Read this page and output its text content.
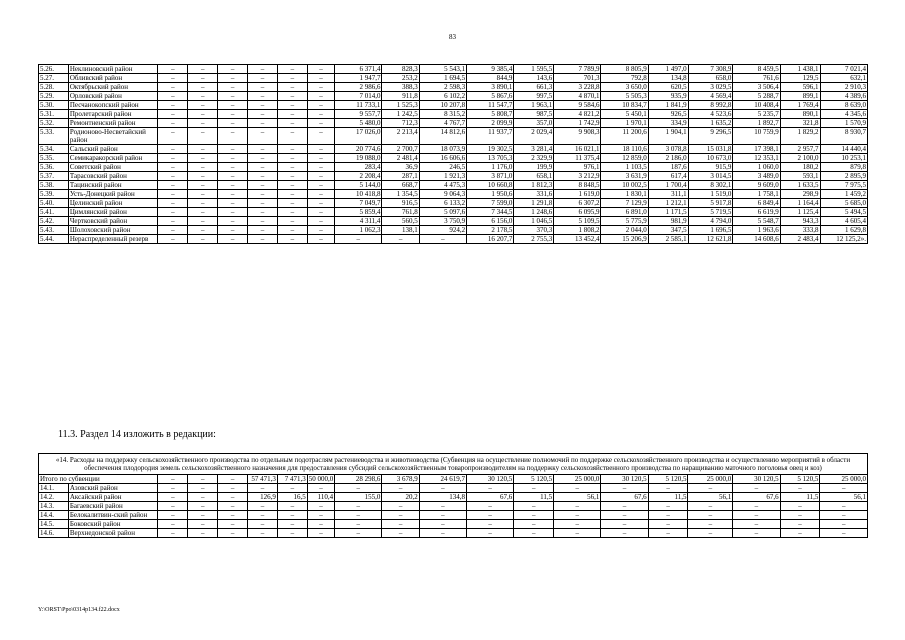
83
5.26.	Неклиновский район	–	–	–	–	–	–	6 371,4	828,3	5 543,1	9 385,4	1 595,5	7 789,9	8 805,9	1 497,0	7 308,9	8 459,5	1 438,1	7 021,4
5.27.	Обливский район	–	–	–	–	–	–	1 947,7	253,2	1 694,5	844,9	143,6	701,3	792,8	134,8	658,0	761,6	129,5	632,1
5.28.	Октябрьский район	–	–	–	–	–	–	2 986,6	388,3	2 598,3	3 890,1	661,3	3 228,8	3 650,0	620,5	3 029,5	3 506,4	596,1	2 910,3
5.29.	Орловский район	–	–	–	–	–	–	7 014,0	911,8	6 102,2	5 867,6	997,5	4 870,1	5 505,3	935,9	4 569,4	5 288,7	899,1	4 389,6
5.30.	Песчанокопский район	–	–	–	–	–	–	11 733,1	1 525,3	10 207,8	11 547,7	1 963,1	9 584,6	10 834,7	1 841,9	8 992,8	10 408,4	1 769,4	8 639,0
5.31.	Пролетарский район	–	–	–	–	–	–	9 557,7	1 242,5	8 315,2	5 808,7	987,5	4 821,2	5 450,1	926,5	4 523,6	5 235,7	890,1	4 345,6
5.32.	Ремонтненский район	–	–	–	–	–	–	5 480,0	712,3	4 767,7	2 099,9	357,0	1 742,9	1 970,1	334,9	1 635,2	1 892,7	321,8	1 570,9
5.33.	Родионово-Несветайский район	–	–	–	–	–	–	17 026,0	2 213,4	14 812,6	11 937,7	2 029,4	9 908,3	11 200,6	1 904,1	9 296,5	10 759,9	1 829,2	8 930,7
5.34.	Сальский район	–	–	–	–	–	–	20 774,6	2 700,7	18 073,9	19 302,5	3 281,4	16 021,1	18 110,6	3 078,8	15 031,8	17 398,1	2 957,7	14 440,4
5.35.	Семикаракорский район	–	–	–	–	–	–	19 088,0	2 481,4	16 606,6	13 705,3	2 329,9	11 375,4	12 859,0	2 186,0	10 673,0	12 353,1	2 100,0	10 253,1
5.36.	Советский район	–	–	–	–	–	–	283,4	36,9	246,5	1 176,0	199,9	976,1	1 103,5	187,6	915,9	1 060,0	180,2	879,8
5.37.	Тарасовский район	–	–	–	–	–	–	2 208,4	287,1	1 921,3	3 871,0	658,1	3 212,9	3 631,9	617,4	3 014,5	3 489,0	593,1	2 895,9
5.38.	Тацинский район	–	–	–	–	–	–	5 144,0	668,7	4 475,3	10 660,8	1 812,3	8 848,5	10 002,5	1 700,4	8 302,1	9 609,0	1 633,5	7 975,5
5.39.	Усть-Донецкий район	–	–	–	–	–	–	10 418,8	1 354,5	9 064,3	1 950,6	331,6	1 619,0	1 830,1	311,1	1 519,0	1 758,1	298,9	1 459,2
5.40.	Целинский район	–	–	–	–	–	–	7 049,7	916,5	6 133,2	7 599,0	1 291,8	6 307,2	7 129,9	1 212,1	5 917,8	6 849,4	1 164,4	5 685,0
5.41.	Цимлянский район	–	–	–	–	–	–	5 859,4	761,8	5 097,6	7 344,5	1 248,6	6 095,9	6 891,0	1 171,5	5 719,5	6 619,9	1 125,4	5 494,5
5.42.	Чертковский район	–	–	–	–	–	–	4 311,4	560,5	3 750,9	6 156,0	1 046,5	5 109,5	5 775,9	981,9	4 794,0	5 548,7	943,3	4 605,4
5.43.	Шолоховский район	–	–	–	–	–	–	1 062,3	138,1	924,2	2 178,5	370,3	1 808,2	2 044,0	347,5	1 696,5	1 963,6	333,8	1 629,8
5.44.	Нераспределенный резерв	–	–	–	–	–	–	–	–	–	16 207,7	2 755,3	13 452,4	15 206,9	2 585,1	12 621,8	14 608,6	2 483,4	12 125,2».
11.3. Раздел 14 изложить в редакции:
«14. Расходы на поддержку сельскохозяйственного производства по отдельным подотраслям растениеводства и животноводства (Субвенция на осуществление полномочий по поддержке сельскохозяйственного производства и осуществлению мероприятий в области обеспечения плодородия земель сельскохозяйственного назначения для предоставления субсидий сельскохозяйственным товаропроизводителям на поддержку сельскохозяйственного производства по наращиванию маточного поголовья овец и коз)																			
Итого по субвенции		–	–	–	57 471,3	7 471,3	50 000,0	28 298,6	3 678,9	24 619,7	30 120,5	5 120,5	25 000,0	30 120,5	5 120,5	25 000,0	30 120,5	5 120,5	25 000,0
14.1.	Азовский район	–	–	–	–	–	–	–	–	–	–	–	–	–	–	–	–	–	–
14.2.	Аксайский район	–	–	–	126,9	16,5	110,4	155,0	20,2	134,8	67,6	11,5	56,1	67,6	11,5	56,1	67,6	11,5	56,1
14.3.	Багаевский район	–	–	–	–	–	–	–	–	–	–	–	–	–	–	–	–	–	–
14.4.	Белокалитвин-ский район	–	–	–	–	–	–	–	–	–	–	–	–	–	–	–	–	–	–
14.5.	Боковский район	–	–	–	–	–	–	–	–	–	–	–	–	–	–	–	–	–	–
14.6.	Верхнедонской район	–	–	–	–	–	–	–	–	–	–	–	–	–	–	–	–	–	–
Y:\ORST\Ppo\0314p134.f22.docx
